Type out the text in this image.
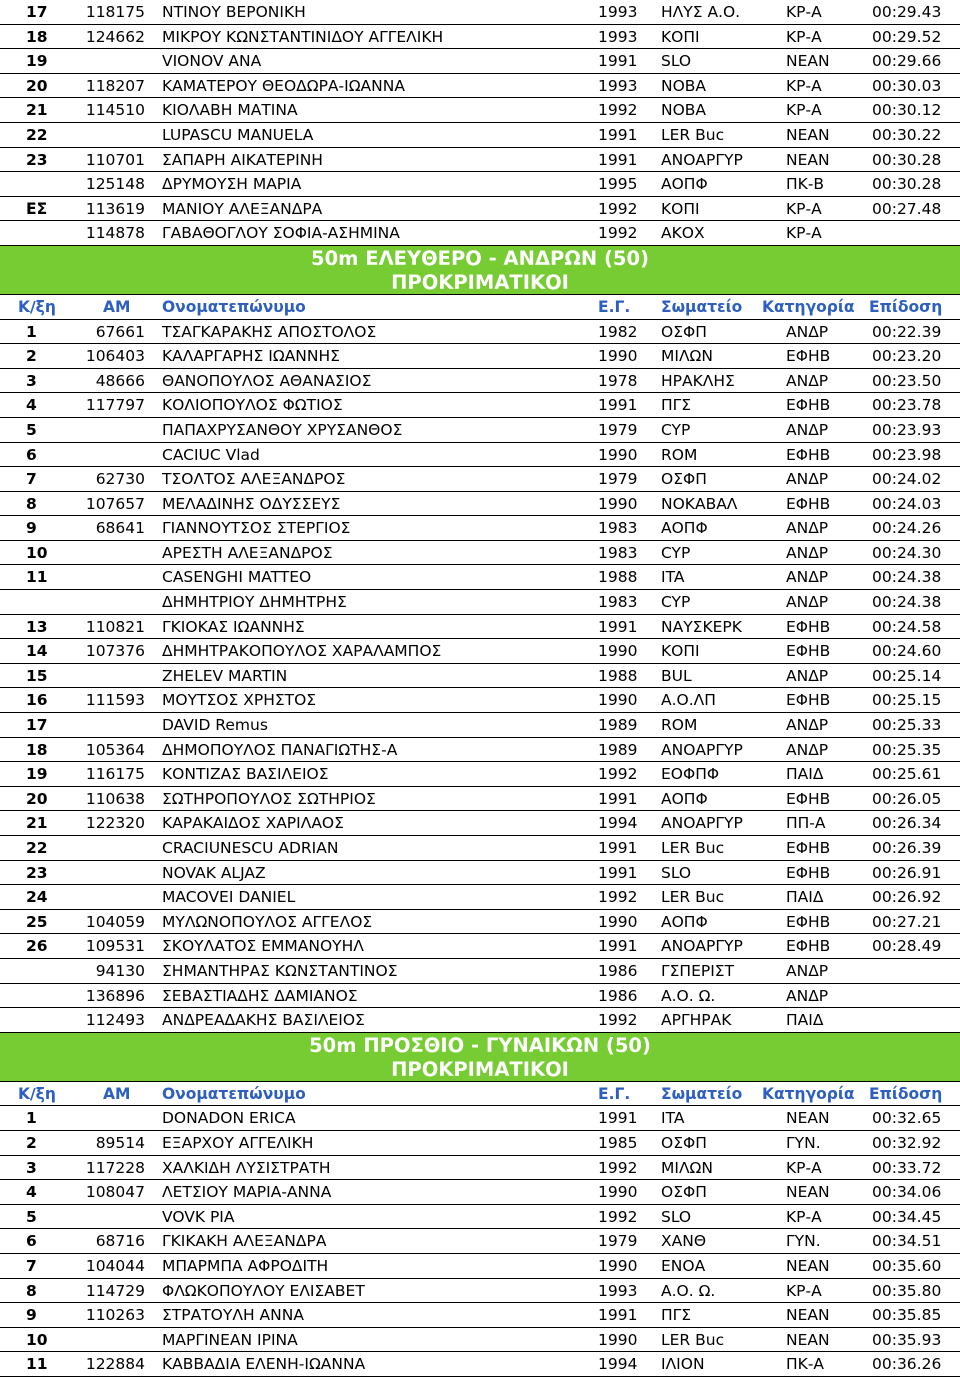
17 118175 ΝΤΙΝΟΥ ΒΕΡΟΝΙΚΗ	1993 ΗΛΥΣ Α.Ο.	ΚΡ-Α	00:29.43
18 124662 ΜΙΚΡΟΥ ΚΩΝΣΤΑΝΤΙΝΙΔΟΥ ΑΓΓΕΛΙΚΗ	1993 ΚΟΠΙ	ΚΡ-Α	00:29.52
19	VIONOV ANA	1991 SLO	ΝΕΑΝ	00:29.66
20 118207 ΚΑΜΑΤΕΡΟΥ ΘΕΟΔΩΡΑ-ΙΩΑΝΝΑ	1993 ΝΟΒΑ	ΚΡ-Α	00:30.03
21 114510 ΚΙΟΛΑΒΗ ΜΑΤΙΝΑ	1992 ΝΟΒΑ	ΚΡ-Α	00:30.12
22	LUPASCU MANUELA	1991 LER Buc	ΝΕΑΝ	00:30.22
23 110701 ΣΑΠΑΡΗ ΑΙΚΑΤΕΡΙΝΗ	1991 ΑΝΟΑΡΓΥΡ	ΝΕΑΝ	00:30.28
125148 ΔΡΥΜΟΥΣΗ ΜΑΡΙΑ	1995 ΑΟΠΦ	ΠΚ-Β	00:30.28
ΕΣ 113619 ΜΑΝΙΟΥ ΑΛΕΞΑΝΔΡΑ	1992 ΚΟΠΙ	ΚΡ-Α	00:27.48
114878 ΓΑΒΑΘΟΓΛΟΥ ΣΟΦΙΑ-ΑΣΗΜΙΝΑ	1992 ΑΚΟΧ	ΚΡ-Α
50m ΕΛΕΥΘΕΡΟ - ΑΝΔΡΩΝ (50)
ΠΡΟΚΡΙΜΑΤΙΚΟΙ
Κ/ξη	ΑΜ Ονοματεπώνυμο	Ε.Γ. Σωματείο Κατηγορία Επίδοση
1	67661 ΤΣΑΓΚΑΡΑΚΗΣ ΑΠΟΣΤΟΛΟΣ	1982 ΟΣΦΠ	ΑΝΔΡ	00:22.39
2	106403 ΚΑΛΑΡΓΑΡΗΣ ΙΩΑΝΝΗΣ	1990 ΜΙΛΩΝ	ΕΦΗΒ	00:23.20
3	48666 ΘΑΝΟΠΟΥΛΟΣ ΑΘΑΝΑΣΙΟΣ	1978 ΗΡΑΚΛΗΣ	ΑΝΔΡ	00:23.50
4	117797 ΚΟΛΙΟΠΟΥΛΟΣ ΦΩΤΙΟΣ	1991 ΠΓΣ	ΕΦΗΒ	00:23.78
5	ΠΑΠΑΧΡΥΣΑΝΘΟΥ ΧΡΥΣΑΝΘΟΣ	1979 CYP	ΑΝΔΡ	00:23.93
6	CACIUC Vlad	1990 ROM	ΕΦΗΒ	00:23.98
7	62730 ΤΣΟΛΤΟΣ ΑΛΕΞΑΝΔΡΟΣ	1979 ΟΣΦΠ	ΑΝΔΡ	00:24.02
8	107657 ΜΕΛΑΔΙΝΗΣ ΟΔΥΣΣΕΥΣ	1990 ΝΟΚΑΒΑΛ	ΕΦΗΒ	00:24.03
9	68641 ΓΙΑΝΝΟΥΤΣΟΣ ΣΤΕΡΓΙΟΣ	1983 ΑΟΠΦ	ΑΝΔΡ	00:24.26
10	ΑΡΕΣΤΗ ΑΛΕΞΑΝΔΡΟΣ	1983 CYP	ΑΝΔΡ	00:24.30
11	CASENGHI MATTEO	1988 ITA	ΑΝΔΡ	00:24.38
ΔΗΜΗΤΡΙΟΥ ΔΗΜΗΤΡΗΣ	1983 CYP	ΑΝΔΡ	00:24.38
13 110821 ΓΚΙΟΚΑΣ ΙΩΑΝΝΗΣ	1991 ΝΑΥΣΚΕΡΚ	ΕΦΗΒ	00:24.58
14 107376 ΔΗΜΗΤΡΑΚΟΠΟΥΛΟΣ ΧΑΡΑΛΑΜΠΟΣ	1990 ΚΟΠΙ	ΕΦΗΒ	00:24.60
15	ZHELEV MARTIN	1988 BUL	ΑΝΔΡ	00:25.14
16 111593 ΜΟΥΤΣΟΣ ΧΡΗΣΤΟΣ	1990 Α.Ο.ΛΠ	ΕΦΗΒ	00:25.15
17	DAVID Remus	1989 ROM	ΑΝΔΡ	00:25.33
18 105364 ΔΗΜΟΠΟΥΛΟΣ ΠΑΝΑΓΙΩΤΗΣ-Α	1989 ΑΝΟΑΡΓΥΡ	ΑΝΔΡ	00:25.35
19 116175 ΚΟΝΤΙΖΑΣ ΒΑΣΙΛΕΙΟΣ	1992 ΕΟΦΠΦ	ΠΑΙΔ	00:25.61
20 110638 ΣΩΤΗΡΟΠΟΥΛΟΣ ΣΩΤΗΡΙΟΣ	1991 ΑΟΠΦ	ΕΦΗΒ	00:26.05
21 122320 ΚΑΡΑΚΑΙΔΟΣ ΧΑΡΙΛΑΟΣ	1994 ΑΝΟΑΡΓΥΡ	ΠΠ-Α	00:26.34
22	CRACIUNESCU ADRIAN	1991 LER Buc	ΕΦΗΒ	00:26.39
23	NOVAK ALJAZ	1991 SLO	ΕΦΗΒ	00:26.91
24	MACOVEI DANIEL	1992 LER Buc	ΠΑΙΔ	00:26.92
25 104059 ΜΥΛΩΝΟΠΟΥΛΟΣ ΑΓΓΕΛΟΣ	1990 ΑΟΠΦ	ΕΦΗΒ	00:27.21
26 109531 ΣΚΟΥΛΑΤΟΣ ΕΜΜΑΝΟΥΗΛ	1991 ΑΝΟΑΡΓΥΡ	ΕΦΗΒ	00:28.49
94130 ΣΗΜΑΝΤΗΡΑΣ ΚΩΝΣΤΑΝΤΙΝΟΣ	1986 ΓΣΠΕΡΙΣΤ	ΑΝΔΡ
136896 ΣΕΒΑΣΤΙΑΔΗΣ ΔΑΜΙΑΝΟΣ	1986 Α.Ο. Ω.	ΑΝΔΡ
112493 ΑΝΔΡΕΑΔΑΚΗΣ ΒΑΣΙΛΕΙΟΣ	1992 ΑΡΓΗΡΑΚ	ΠΑΙΔ
50m ΠΡΟΣΘΙΟ - ΓΥΝΑΙΚΩΝ (50)
ΠΡΟΚΡΙΜΑΤΙΚΟΙ
Κ/ξη	ΑΜ Ονοματεπώνυμο	Ε.Γ. Σωματείο Κατηγορία Επίδοση
1	DONADON ERICA	1991 ITA	ΝΕΑΝ	00:32.65
2	89514 ΕΞΑΡΧΟΥ ΑΓΓΕΛΙΚΗ	1985 ΟΣΦΠ	ΓΥΝ.	00:32.92
3	117228 ΧΑΛΚΙΔΗ ΛΥΣΙΣΤΡΑΤΗ	1992 ΜΙΛΩΝ	ΚΡ-Α	00:33.72
4	108047 ΛΕΤΣΙΟΥ ΜΑΡΙΑ-ΑΝΝΑ	1990 ΟΣΦΠ	ΝΕΑΝ	00:34.06
5	VOVK PIA	1992 SLO	ΚΡ-Α	00:34.45
6	68716 ΓΚΙΚΑΚΗ ΑΛΕΞΑΝΔΡΑ	1979 ΧΑΝΘ	ΓΥΝ.	00:34.51
7	104044 ΜΠΑΡΜΠΑ ΑΦΡΟΔΙΤΗ	1990 ΕΝΟΑ	ΝΕΑΝ	00:35.60
8	114729 ΦΛΩΚΟΠΟΥΛΟΥ ΕΛΙΣΑΒΕΤ	1993 Α.Ο. Ω.	ΚΡ-Α	00:35.80
9	110263 ΣΤΡΑΤΟΥΛΗ ΑΝΝΑ	1991 ΠΓΣ	ΝΕΑΝ	00:35.85
10	ΜΑΡΓΙΝΕΑΝ ΙΡΙΝΑ	1990 LER Buc	ΝΕΑΝ	00:35.93
11 122884 ΚΑΒΒΑΔΙΑ ΕΛΕΝΗ-ΙΩΑΝΝΑ	1994 ΙΛΙΟΝ	ΠΚ-Α	00:36.26
